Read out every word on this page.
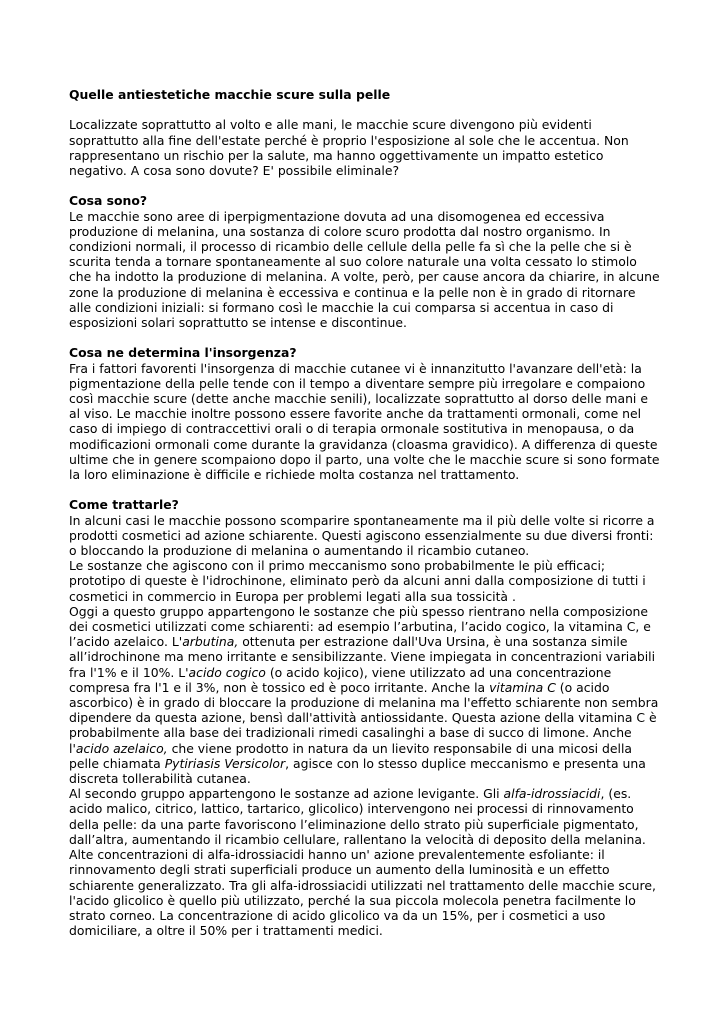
Quelle antiestetiche macchie scure sulla pelle

Localizzate soprattutto al volto e alle mani, le macchie scure divengono più evidenti soprattutto alla fine dell'estate perché è proprio l'esposizione al sole che le accentua. Non rappresentano un rischio per la salute, ma hanno oggettivamente un impatto estetico negativo. A cosa sono dovute? E' possibile eliminale?

Cosa sono?

Le macchie sono aree di iperpigmentazione dovuta ad una disomogenea ed eccessiva produzione di melanina, una sostanza di colore scuro prodotta dal nostro organismo. In condizioni normali, il processo di ricambio delle cellule della pelle fa sì che la pelle che si è scurita tenda a tornare spontaneamente al suo colore naturale una volta cessato lo stimolo che ha indotto la produzione di melanina. A volte, però, per cause ancora da chiarire, in alcune zone la produzione di melanina è eccessiva e continua e la pelle non è in grado di ritornare alle condizioni iniziali: si formano così le macchie la cui comparsa si accentua in caso di esposizioni solari soprattutto se intense e discontinue.

Cosa ne determina l'insorgenza?

Fra i fattori favorenti l'insorgenza di macchie cutanee vi è innanzitutto l'avanzare dell'età: la pigmentazione della pelle tende con il tempo a diventare sempre più irregolare e compaiono così macchie scure (dette anche macchie senili), localizzate soprattutto al dorso delle mani e al viso. Le macchie inoltre possono essere favorite anche da trattamenti ormonali, come nel caso di impiego di contraccettivi orali o di terapia ormonale sostitutiva in menopausa, o da modificazioni ormonali come durante la gravidanza (cloasma gravidico). A differenza di queste ultime che in genere scompaiono dopo il parto, una volte che le macchie scure si sono formate la loro eliminazione è difficile e richiede molta costanza nel trattamento.

Come trattarle?

In alcuni casi le macchie possono scomparire spontaneamente ma il più delle volte si ricorre a prodotti cosmetici ad azione schiarente. Questi agiscono essenzialmente su due diversi fronti: o bloccando la produzione di melanina o aumentando il ricambio cutaneo.

Le sostanze che agiscono con il primo meccanismo sono probabilmente le più efficaci; prototipo di queste è l'idrochinone, eliminato però da alcuni anni dalla composizione di tutti i cosmetici in commercio in Europa per problemi legati alla sua tossicità .

Oggi a questo gruppo appartengono le sostanze che più spesso rientrano nella composizione dei cosmetici utilizzati come schiarenti: ad esempio l’arbutina, l’acido cogico, la vitamina C, e l’acido azelaico. L'arbutina, ottenuta per estrazione dall'Uva Ursina, è una sostanza simile all’idrochinone ma meno irritante e sensibilizzante. Viene impiegata in concentrazioni variabili fra l'1% e il 10%. L'acido cogico (o acido kojico), viene utilizzato ad una concentrazione compresa fra l'1 e il 3%, non è tossico ed è poco irritante. Anche la vitamina C (o acido ascorbico) è in grado di bloccare la produzione di melanina ma l'effetto schiarente non sembra dipendere da questa azione, bensì dall'attività antiossidante. Questa azione della vitamina C è probabilmente alla base dei tradizionali rimedi casalinghi a base di succo di limone. Anche l'acido azelaico, che viene prodotto in natura da un lievito responsabile di una micosi della pelle chiamata Pytiriasis Versicolor, agisce con lo stesso duplice meccanismo e presenta una discreta tollerabilità cutanea.

Al secondo gruppo appartengono le sostanze ad azione levigante. Gli alfa-idrossiacidi, (es. acido malico, citrico, lattico, tartarico, glicolico) intervengono nei processi di rinnovamento della pelle: da una parte favoriscono l’eliminazione dello strato più superficiale pigmentato, dall’altra, aumentando il ricambio cellulare, rallentano la velocità di deposito della melanina.

Alte concentrazioni di alfa-idrossiacidi hanno un' azione prevalentemente esfoliante: il rinnovamento degli strati superficiali produce un aumento della luminosità e un effetto schiarente generalizzato. Tra gli alfa-idrossiacidi utilizzati nel trattamento delle macchie scure, l'acido glicolico è quello più utilizzato, perché la sua piccola molecola penetra facilmente lo strato corneo. La concentrazione di acido glicolico va da un 15%, per i cosmetici a uso domiciliare, a oltre il 50% per i trattamenti medici.
